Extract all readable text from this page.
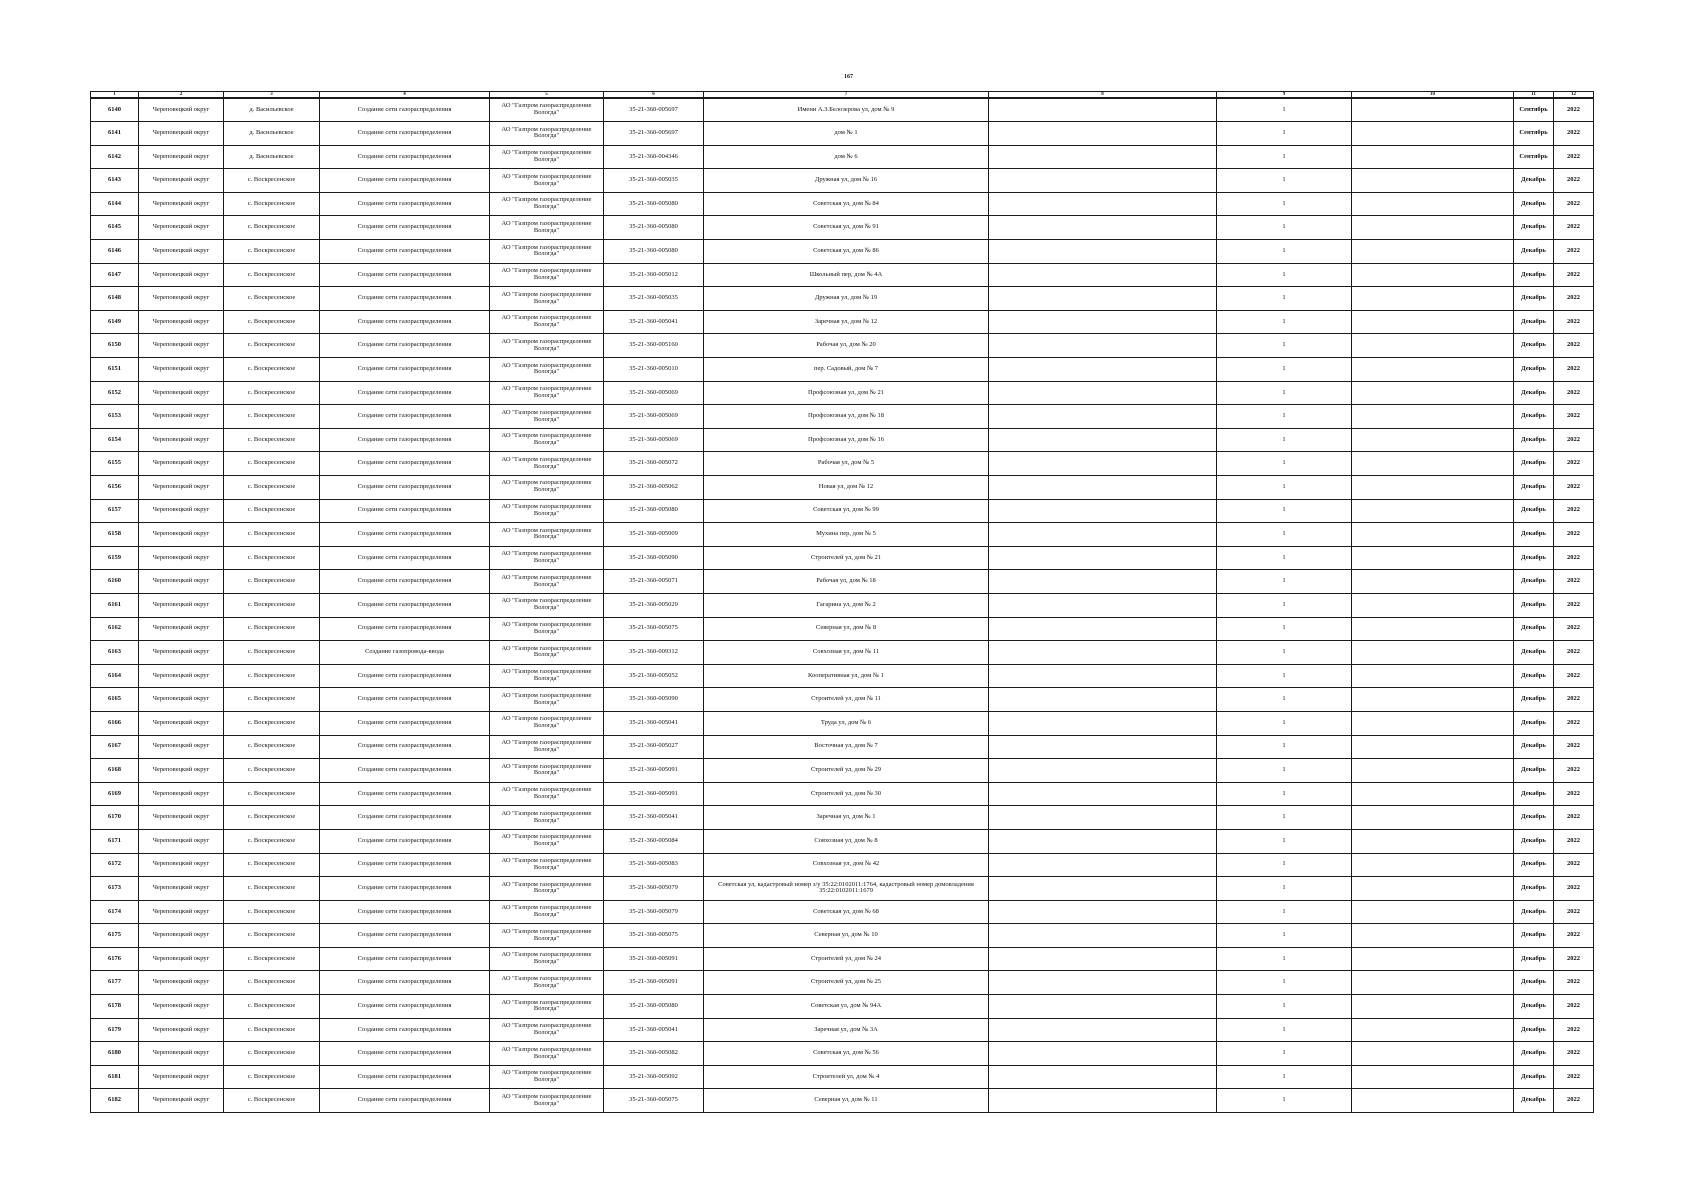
167
1	2	3	4	5	6	7	8	9	10	11	12
6140	Череповецкий округ	д. Васильевское	Создание сети газораспределения	АО "Газпром газораспределение Вологда"	35-21-360-005697	Имени А.З.Белозерова ул, дом № 9		1		Сентябрь	2022
6141	Череповецкий округ	д. Васильевское	Создание сети газораспределения	АО "Газпром газораспределение Вологда"	35-21-360-005697	дом № 1		1		Сентябрь	2022
6142	Череповецкий округ	д. Васильевское	Создание сети газораспределения	АО "Газпром газораспределение Вологда"	35-21-360-004346	дом № 6		1		Сентябрь	2022
6143	Череповецкий округ	с. Воскресенское	Создание сети газораспределения	АО "Газпром газораспределение Вологда"	35-21-360-005035	Дружная ул, дом № 16		1		Декабрь	2022
6144	Череповецкий округ	с. Воскресенское	Создание сети газораспределения	АО "Газпром газораспределение Вологда"	35-21-360-005080	Советская ул, дом № 84		1		Декабрь	2022
6145	Череповецкий округ	с. Воскресенское	Создание сети газораспределения	АО "Газпром газораспределение Вологда"	35-21-360-005080	Советская ул, дом № 91		1		Декабрь	2022
6146	Череповецкий округ	с. Воскресенское	Создание сети газораспределения	АО "Газпром газораспределение Вологда"	35-21-360-005080	Советская ул, дом № 86		1		Декабрь	2022
6147	Череповецкий округ	с. Воскресенское	Создание сети газораспределения	АО "Газпром газораспределение Вологда"	35-21-360-005012	Школьный пер, дом № 4А		1		Декабрь	2022
6148	Череповецкий округ	с. Воскресенское	Создание сети газораспределения	АО "Газпром газораспределение Вологда"	35-21-360-005035	Дружная ул, дом № 19		1		Декабрь	2022
6149	Череповецкий округ	с. Воскресенское	Создание сети газораспределения	АО "Газпром газораспределение Вологда"	35-21-360-005041	Заречная ул, дом № 12		1		Декабрь	2022
6150	Череповецкий округ	с. Воскресенское	Создание сети газораспределения	АО "Газпром газораспределение Вологда"	35-21-360-005160	Рабочая ул, дом № 20		1		Декабрь	2022
6151	Череповецкий округ	с. Воскресенское	Создание сети газораспределения	АО "Газпром газораспределение Вологда"	35-21-360-005010	пер. Садовый, дом № 7		1		Декабрь	2022
6152	Череповецкий округ	с. Воскресенское	Создание сети газораспределения	АО "Газпром газораспределение Вологда"	35-21-360-005069	Профсоюзная ул, дом № 21		1		Декабрь	2022
6153	Череповецкий округ	с. Воскресенское	Создание сети газораспределения	АО "Газпром газораспределение Вологда"	35-21-360-005069	Профсоюзная ул, дом № 18		1		Декабрь	2022
6154	Череповецкий округ	с. Воскресенское	Создание сети газораспределения	АО "Газпром газораспределение Вологда"	35-21-360-005069	Профсоюзная ул, дом № 16		1		Декабрь	2022
6155	Череповецкий округ	с. Воскресенское	Создание сети газораспределения	АО "Газпром газораспределение Вологда"	35-21-360-005072	Рабочая ул, дом № 5		1		Декабрь	2022
6156	Череповецкий округ	с. Воскресенское	Создание сети газораспределения	АО "Газпром газораспределение Вологда"	35-21-360-005062	Новая ул, дом № 12		1		Декабрь	2022
6157	Череповецкий округ	с. Воскресенское	Создание сети газораспределения	АО "Газпром газораспределение Вологда"	35-21-360-005080	Советская ул, дом № 99		1		Декабрь	2022
6158	Череповецкий округ	с. Воскресенское	Создание сети газораспределения	АО "Газпром газораспределение Вологда"	35-21-360-005009	Мухина пер, дом № 5		1		Декабрь	2022
6159	Череповецкий округ	с. Воскресенское	Создание сети газораспределения	АО "Газпром газораспределение Вологда"	35-21-360-005090	Строителей ул, дом № 21		1		Декабрь	2022
6160	Череповецкий округ	с. Воскресенское	Создание сети газораспределения	АО "Газпром газораспределение Вологда"	35-21-360-005071	Рабочая ул, дом № 18		1		Декабрь	2022
6161	Череповецкий округ	с. Воскресенское	Создание сети газораспределения	АО "Газпром газораспределение Вологда"	35-21-360-005029	Гагарина ул, дом № 2		1		Декабрь	2022
6162	Череповецкий округ	с. Воскресенское	Создание сети газораспределения	АО "Газпром газораспределение Вологда"	35-21-360-005075	Северная ул, дом № 8		1		Декабрь	2022
6163	Череповецкий округ	с. Воскресенское	Создание газопровода-ввода	АО "Газпром газораспределение Вологда"	35-21-360-009312	Совхозная ул, дом № 11		1		Декабрь	2022
6164	Череповецкий округ	с. Воскресенское	Создание сети газораспределения	АО "Газпром газораспределение Вологда"	35-21-360-005052	Кооперативная ул, дом № 1		1		Декабрь	2022
6165	Череповецкий округ	с. Воскресенское	Создание сети газораспределения	АО "Газпром газораспределение Вологда"	35-21-360-005090	Строителей ул, дом № 11		1		Декабрь	2022
6166	Череповецкий округ	с. Воскресенское	Создание сети газораспределения	АО "Газпром газораспределение Вологда"	35-21-360-005041	Труда ул, дом № 6		1		Декабрь	2022
6167	Череповецкий округ	с. Воскресенское	Создание сети газораспределения	АО "Газпром газораспределение Вологда"	35-21-360-005027	Восточная ул, дом № 7		1		Декабрь	2022
6168	Череповецкий округ	с. Воскресенское	Создание сети газораспределения	АО "Газпром газораспределение Вологда"	35-21-360-005091	Строителей ул, дом № 29		1		Декабрь	2022
6169	Череповецкий округ	с. Воскресенское	Создание сети газораспределения	АО "Газпром газораспределение Вологда"	35-21-360-005091	Строителей ул, дом № 30		1		Декабрь	2022
6170	Череповецкий округ	с. Воскресенское	Создание сети газораспределения	АО "Газпром газораспределение Вологда"	35-21-360-005041	Заречная ул, дом № 1		1		Декабрь	2022
6171	Череповецкий округ	с. Воскресенское	Создание сети газораспределения	АО "Газпром газораспределение Вологда"	35-21-360-005084	Совхозная ул, дом № 8		1		Декабрь	2022
6172	Череповецкий округ	с. Воскресенское	Создание сети газораспределения	АО "Газпром газораспределение Вологда"	35-21-360-005083	Совхозная ул, дом № 42		1		Декабрь	2022
6173	Череповецкий округ	с. Воскресенское	Создание сети газораспределения	АО "Газпром газораспределение Вологда"	35-21-360-005079	Советская ул, кадастровый номер з/у 35:22:0102011:1764, кадастровый номер домовладения 35:22:0102011:1679		1		Декабрь	2022
6174	Череповецкий округ	с. Воскресенское	Создание сети газораспределения	АО "Газпром газораспределение Вологда"	35-21-360-005079	Советская ул, дом № 68		1		Декабрь	2022
6175	Череповецкий округ	с. Воскресенское	Создание сети газораспределения	АО "Газпром газораспределение Вологда"	35-21-360-005075	Северная ул, дом № 10		1		Декабрь	2022
6176	Череповецкий округ	с. Воскресенское	Создание сети газораспределения	АО "Газпром газораспределение Вологда"	35-21-360-005091	Строителей ул, дом № 24		1		Декабрь	2022
6177	Череповецкий округ	с. Воскресенское	Создание сети газораспределения	АО "Газпром газораспределение Вологда"	35-21-360-005091	Строителей ул, дом № 25		1		Декабрь	2022
6178	Череповецкий округ	с. Воскресенское	Создание сети газораспределения	АО "Газпром газораспределение Вологда"	35-21-360-005080	Советская ул, дом № 94А		1		Декабрь	2022
6179	Череповецкий округ	с. Воскресенское	Создание сети газораспределения	АО "Газпром газораспределение Вологда"	35-21-360-005041	Заречная ул, дом № 3А		1		Декабрь	2022
6180	Череповецкий округ	с. Воскресенское	Создание сети газораспределения	АО "Газпром газораспределение Вологда"	35-21-360-005082	Советская ул, дом № 56		1		Декабрь	2022
6181	Череповецкий округ	с. Воскресенское	Создание сети газораспределения	АО "Газпром газораспределение Вологда"	35-21-360-005092	Строителей ул, дом № 4		1		Декабрь	2022
6182	Череповецкий округ	с. Воскресенское	Создание сети газораспределения	АО "Газпром газораспределение Вологда"	35-21-360-005075	Северная ул, дом № 11		1		Декабрь	2022
